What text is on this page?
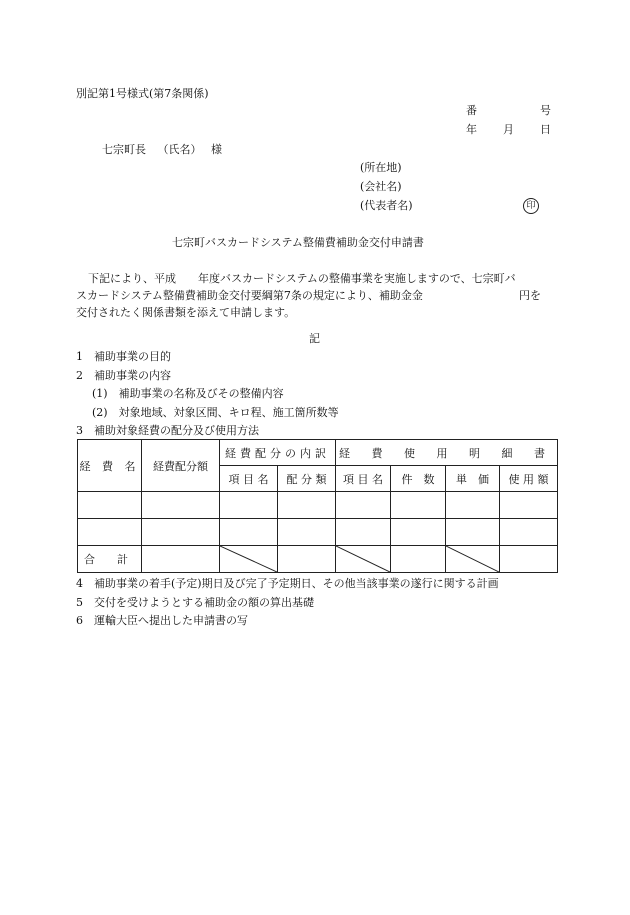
別記第1号様式(第7条関係)
番	号
年 月 日
七宗町長 （氏名） 様
(所在地)
(会社名)
(代表者名)	印
七宗町バスカードシステム整備費補助金交付申請書
下記により、平成　　年度バスカードシステムの整備事業を実施しますので、七宗町バ
スカードシステム整備費補助金交付要綱第7条の規定により、補助金金	円を
交付されたく関係書類を添えて申請します。
記
1　補助事業の目的
2　補助事業の内容
(1)　補助事業の名称及びその整備内容
(2)　対象地域、対象区間、キロ程、施工箇所数等
3　補助対象経費の配分及び使用方法
経 費 名	経費配分額	経費配分の内訳		経 費 使 用 明 細 書			
		項 目 名	配 分 類	項 目 名	件　数	単　価	使 用 額

合　　計		

4　補助事業の着手(予定)期日及び完了予定期日、その他当該事業の遂行に関する計画
5　交付を受けようとする補助金の額の算出基礎
6　運輸大臣へ提出した申請書の写
